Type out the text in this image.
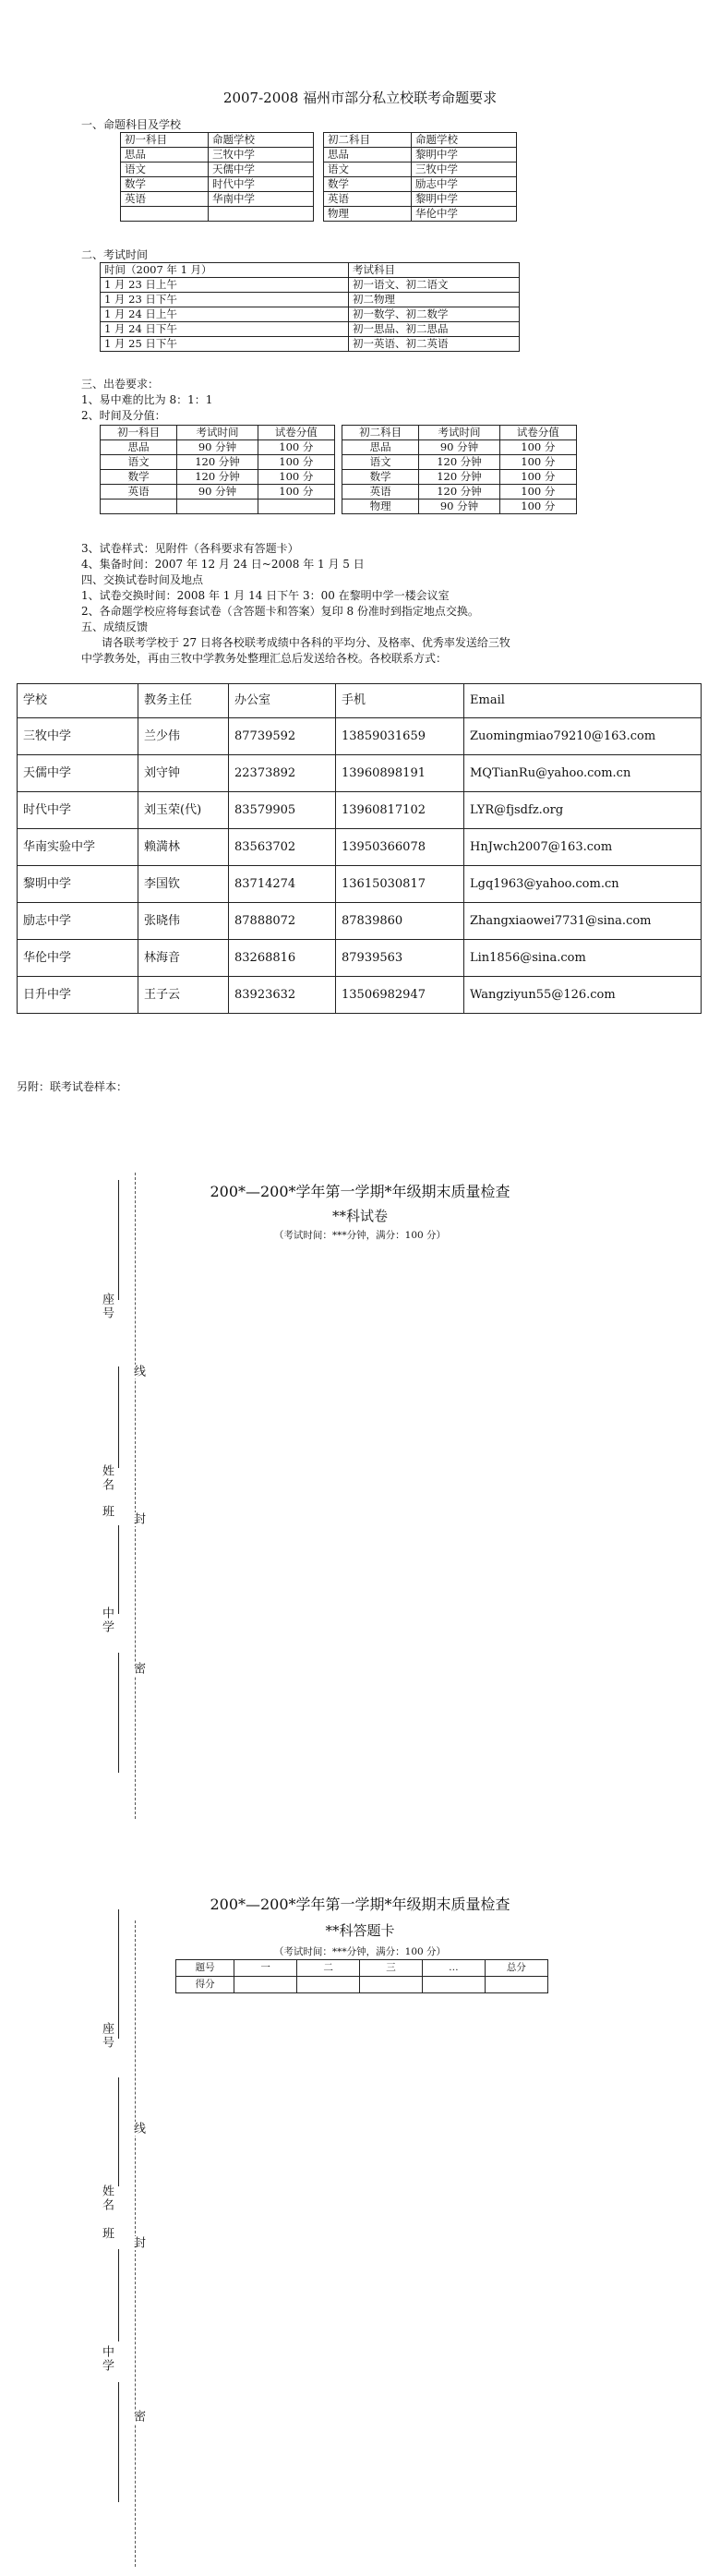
2007-2008 福州市部分私立校联考命题要求
一、命题科目及学校
初一科目	命题学校
思品	三牧中学
语文	天儒中学
数学	时代中学
英语	华南中学

初二科目	命题学校
思品	黎明中学
语文	三牧中学
数学	励志中学
英语	黎明中学
物理	华伦中学
二、考试时间
时间（2007 年 1 月）	考试科目
1 月 23 日上午	初一语文、初二语文
1 月 23 日下午	初二物理
1 月 24 日上午	初一数学、初二数学
1 月 24 日下午	初一思品、初二思品
1 月 25 日下午	初一英语、初二英语
三、出卷要求：
1、易中难的比为 8：1：1
2、时间及分值：
初一科目	考试时间	试卷分值
思品	90 分钟	100 分
语文	120 分钟	100 分
数学	120 分钟	100 分
英语	90 分钟	100 分

初二科目	考试时间	试卷分值
思品	90 分钟	100 分
语文	120 分钟	100 分
数学	120 分钟	100 分
英语	120 分钟	100 分
物理	90 分钟	100 分
3、试卷样式：见附件（各科要求有答题卡）
4、集备时间：2007 年 12 月 24 日~2008 年 1 月 5 日
四、交换试卷时间及地点
1、试卷交换时间：2008 年 1 月 14 日下午 3：00 在黎明中学一楼会议室
2、各命题学校应将每套试卷（含答题卡和答案）复印 8 份准时到指定地点交换。
五、成绩反馈
请各联考学校于 27 日将各校联考成绩中各科的平均分、及格率、优秀率发送给三牧
中学教务处，再由三牧中学教务处整理汇总后发送给各校。各校联系方式：
学校	教务主任	办公室	手机	Email
三牧中学	兰少伟	87739592	13859031659	Zuomingmiao79210@163.com
天儒中学	刘守钟	22373892	13960898191	MQTianRu@yahoo.com.cn
时代中学	刘玉荣(代)	83579905	13960817102	LYR@fjsdfz.org
华南实验中学	赖満林	83563702	13950366078	HnJwch2007@163.com
黎明中学	李国钦	83714274	13615030817	Lgq1963@yahoo.com.cn
励志中学	张晓伟	87888072	87839860	Zhangxiaowei7731@sina.com
华伦中学	林海音	83268816	87939563	Lin1856@sina.com
日升中学	王子云	83923632	13506982947	Wangziyun55@126.com
另附：联考试卷样本：
200*—200*学年第一学期*年级期末质量检查
**科试卷
（考试时间：***分钟，满分：100 分）
座号
线
姓名
班
封
中学
密
200*—200*学年第一学期*年级期末质量检查
**科答题卡
（考试时间：***分钟，满分：100 分）
题号	一	二	三	…	总分
得分					
座号
线
姓名
班
封
中学
密
